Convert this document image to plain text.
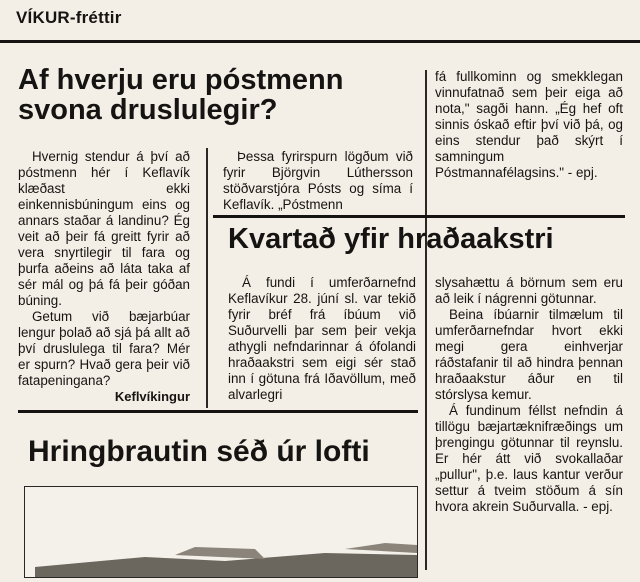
VÍKUR-fréttir

Af hverju eru póstmenn

svona druslulegir?

Hvernig stendur á því að póstmenn hér í Keflavík klæðast ekki einkennisbúningum eins og annars staðar á landinu? Ég veit að þeir fá greitt fyrir að vera snyrtilegir til fara og þurfa aðeins að láta taka af sér mál og þá fá þeir góðan búning.

Getum við bæjarbúar lengur þolað að sjá þá allt að því druslulega til fara? Mér er spurn? Hvað gera þeir við fatapeningana?

Keflvíkingur

Þessa fyrirspurn lögðum við fyrir Björgvin Lúthersson stöðvarstjóra Pósts og síma í Keflavík. „Póstmenn

fá fullkominn og smekklegan vinnufatnað sem þeir eiga að nota," sagði hann. „Ég hef oft sinnis óskað eftir því við þá, og eins stendur það skýrt í samningum Póstmannafélagsins." - epj.

Kvartað yfir hraðaakstri

Á fundi í umferðarnefnd Keflavíkur 28. júní sl. var tekið fyrir bréf frá íbúum við Suðurvelli þar sem þeir vekja athygli nefndarinnar á ófolandi hraðaakstri sem eigi sér stað inn í götuna frá Iðavöllum, með alvarlegri

slysahættu á börnum sem eru að leik í nágrenni götunnar.

Beina íbúarnir tilmælum til umferðarnefndar hvort ekki megi gera einhverjar ráðstafanir til að hindra þennan hraðaakstur áður en til stórslysa kemur.

Á fundinum féllst nefndin á tillögu bæjartæknifræðings um þrengingu götunnar til reynslu. Er hér átt við svokallaðar „pullur", þ.e. laus kantur verður settur á tveim stöðum á sín hvora akrein Suðurvalla. - epj.

Hringbrautin séð úr lofti
